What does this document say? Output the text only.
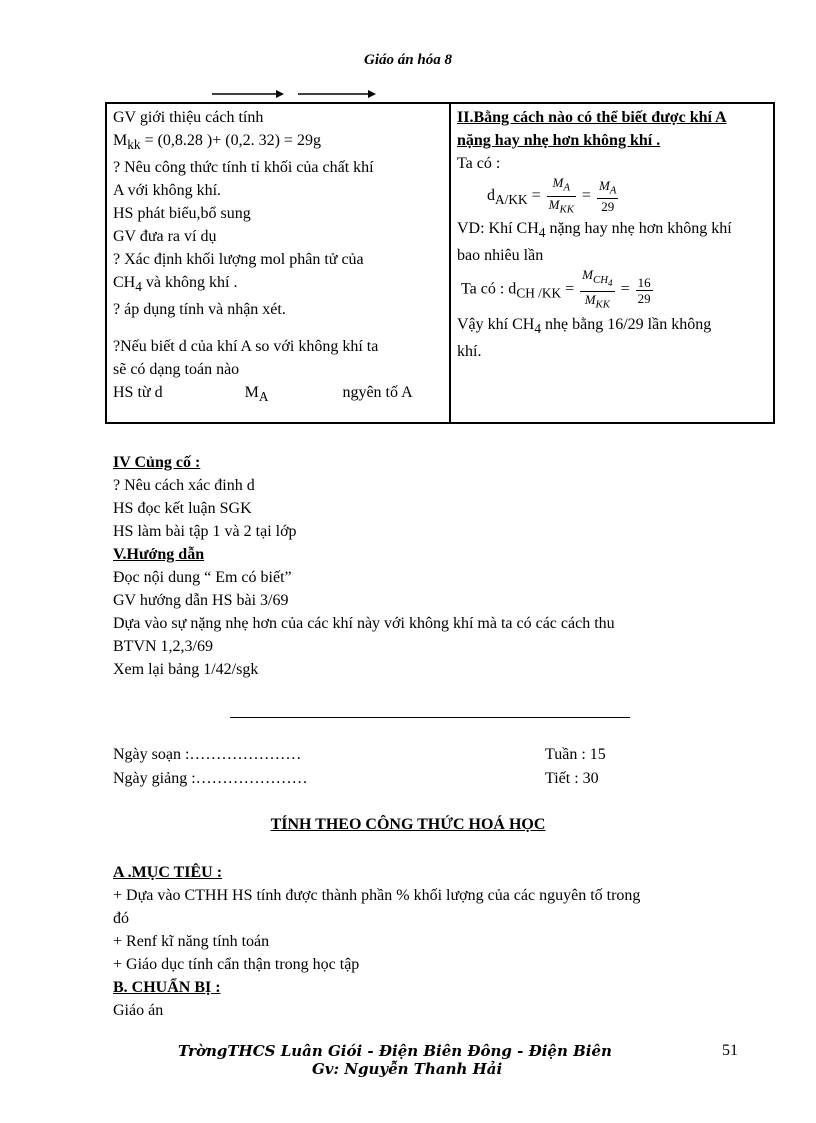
Giáo án hóa 8
GV giới thiệu cách tính
$M_{kk} = (0,8.28$ )+ (0,2. 32) = 29g
? Nêu công thức tính tỉ khối của chất khí
A với không khí.
HS phát biểu,bổ sung
GV đưa ra ví dụ
? Xác định khối lượng mol phân tử của
$CH_4$ và không khí .
? áp dụng tính và nhận xét.
?Nếu biết d của khí A so với không khí ta
sẽ có dạng toán nào
HS từ d	$M_A$	ngyên tố A

II.Bằng cách nào có thể biết được khí A
nặng hay nhẹ hơn không khí .
Ta có :
$d_{A/KK} = \frac{M_A}{M_{KK}} = \frac{M_A}{29}$
VD: Khí $CH_4$ nặng hay nhẹ hơn không khí
bao nhiêu lần
Ta có : $d_{CH /KK} = \frac{M_{CH_4}}{M_{KK}} = \frac{16}{29}$
Vậy khí $CH_4$ nhẹ bằng 16/29 lần không
khí.
IV Củng cố :
? Nêu cách xác đinh d
HS đọc kết luận SGK
HS làm bài tập 1 và 2 tại lớp
V.Hướng dẫn
Đọc nội dung “ Em có biết”
GV hướng dẫn HS bài 3/69
Dựa vào sự nặng nhẹ hơn của các khí này với không khí mà ta có các cách thu
BTVN 1,2,3/69
Xem lại bảng 1/42/sgk
Ngày soạn :…………………
Ngày giảng :…………………
Tuần : 15
Tiết : 30
TÍNH THEO CÔNG THỨC HOÁ HỌC
A .MỤC TIÊU :
+ Dựa vào CTHH HS tính được thành phần % khối lượng của các nguyên tố trong
đó
+ Renf kĩ năng tính toán
+ Giáo dục tính cẩn thận trong học tập
B. CHUẨN BỊ :
Giáo án
TrờngTHCS Luân Giói - Điện Biên Đông - Điện Biên
Gv: Nguyễn Thanh Hải
51
